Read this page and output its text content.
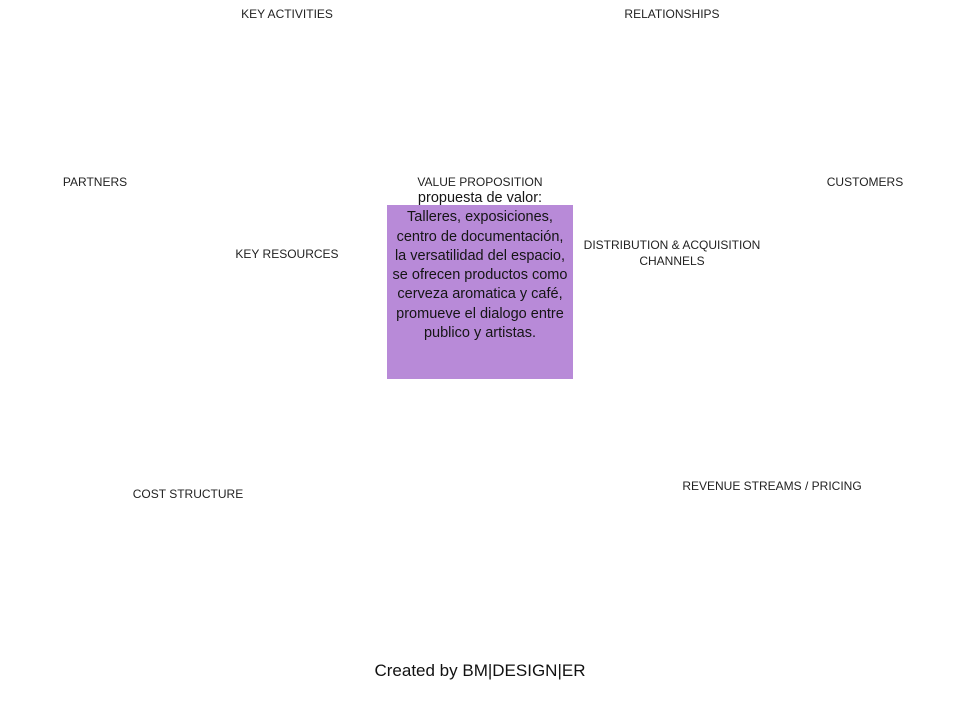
KEY ACTIVITIES	RELATIONSHIPS
PARTNERS	VALUE PROPOSITION	CUSTOMERS
KEY RESOURCES
DISTRIBUTION & ACQUISITION CHANNELS
COST STRUCTURE
REVENUE STREAMS / PRICING
propuesta de valor: Talleres, exposiciones, centro de documentación, la versatilidad del espacio, se ofrecen productos como cerveza aromatica y café, promueve el dialogo entre publico y artistas.
Created by BM|DESIGN|ER
